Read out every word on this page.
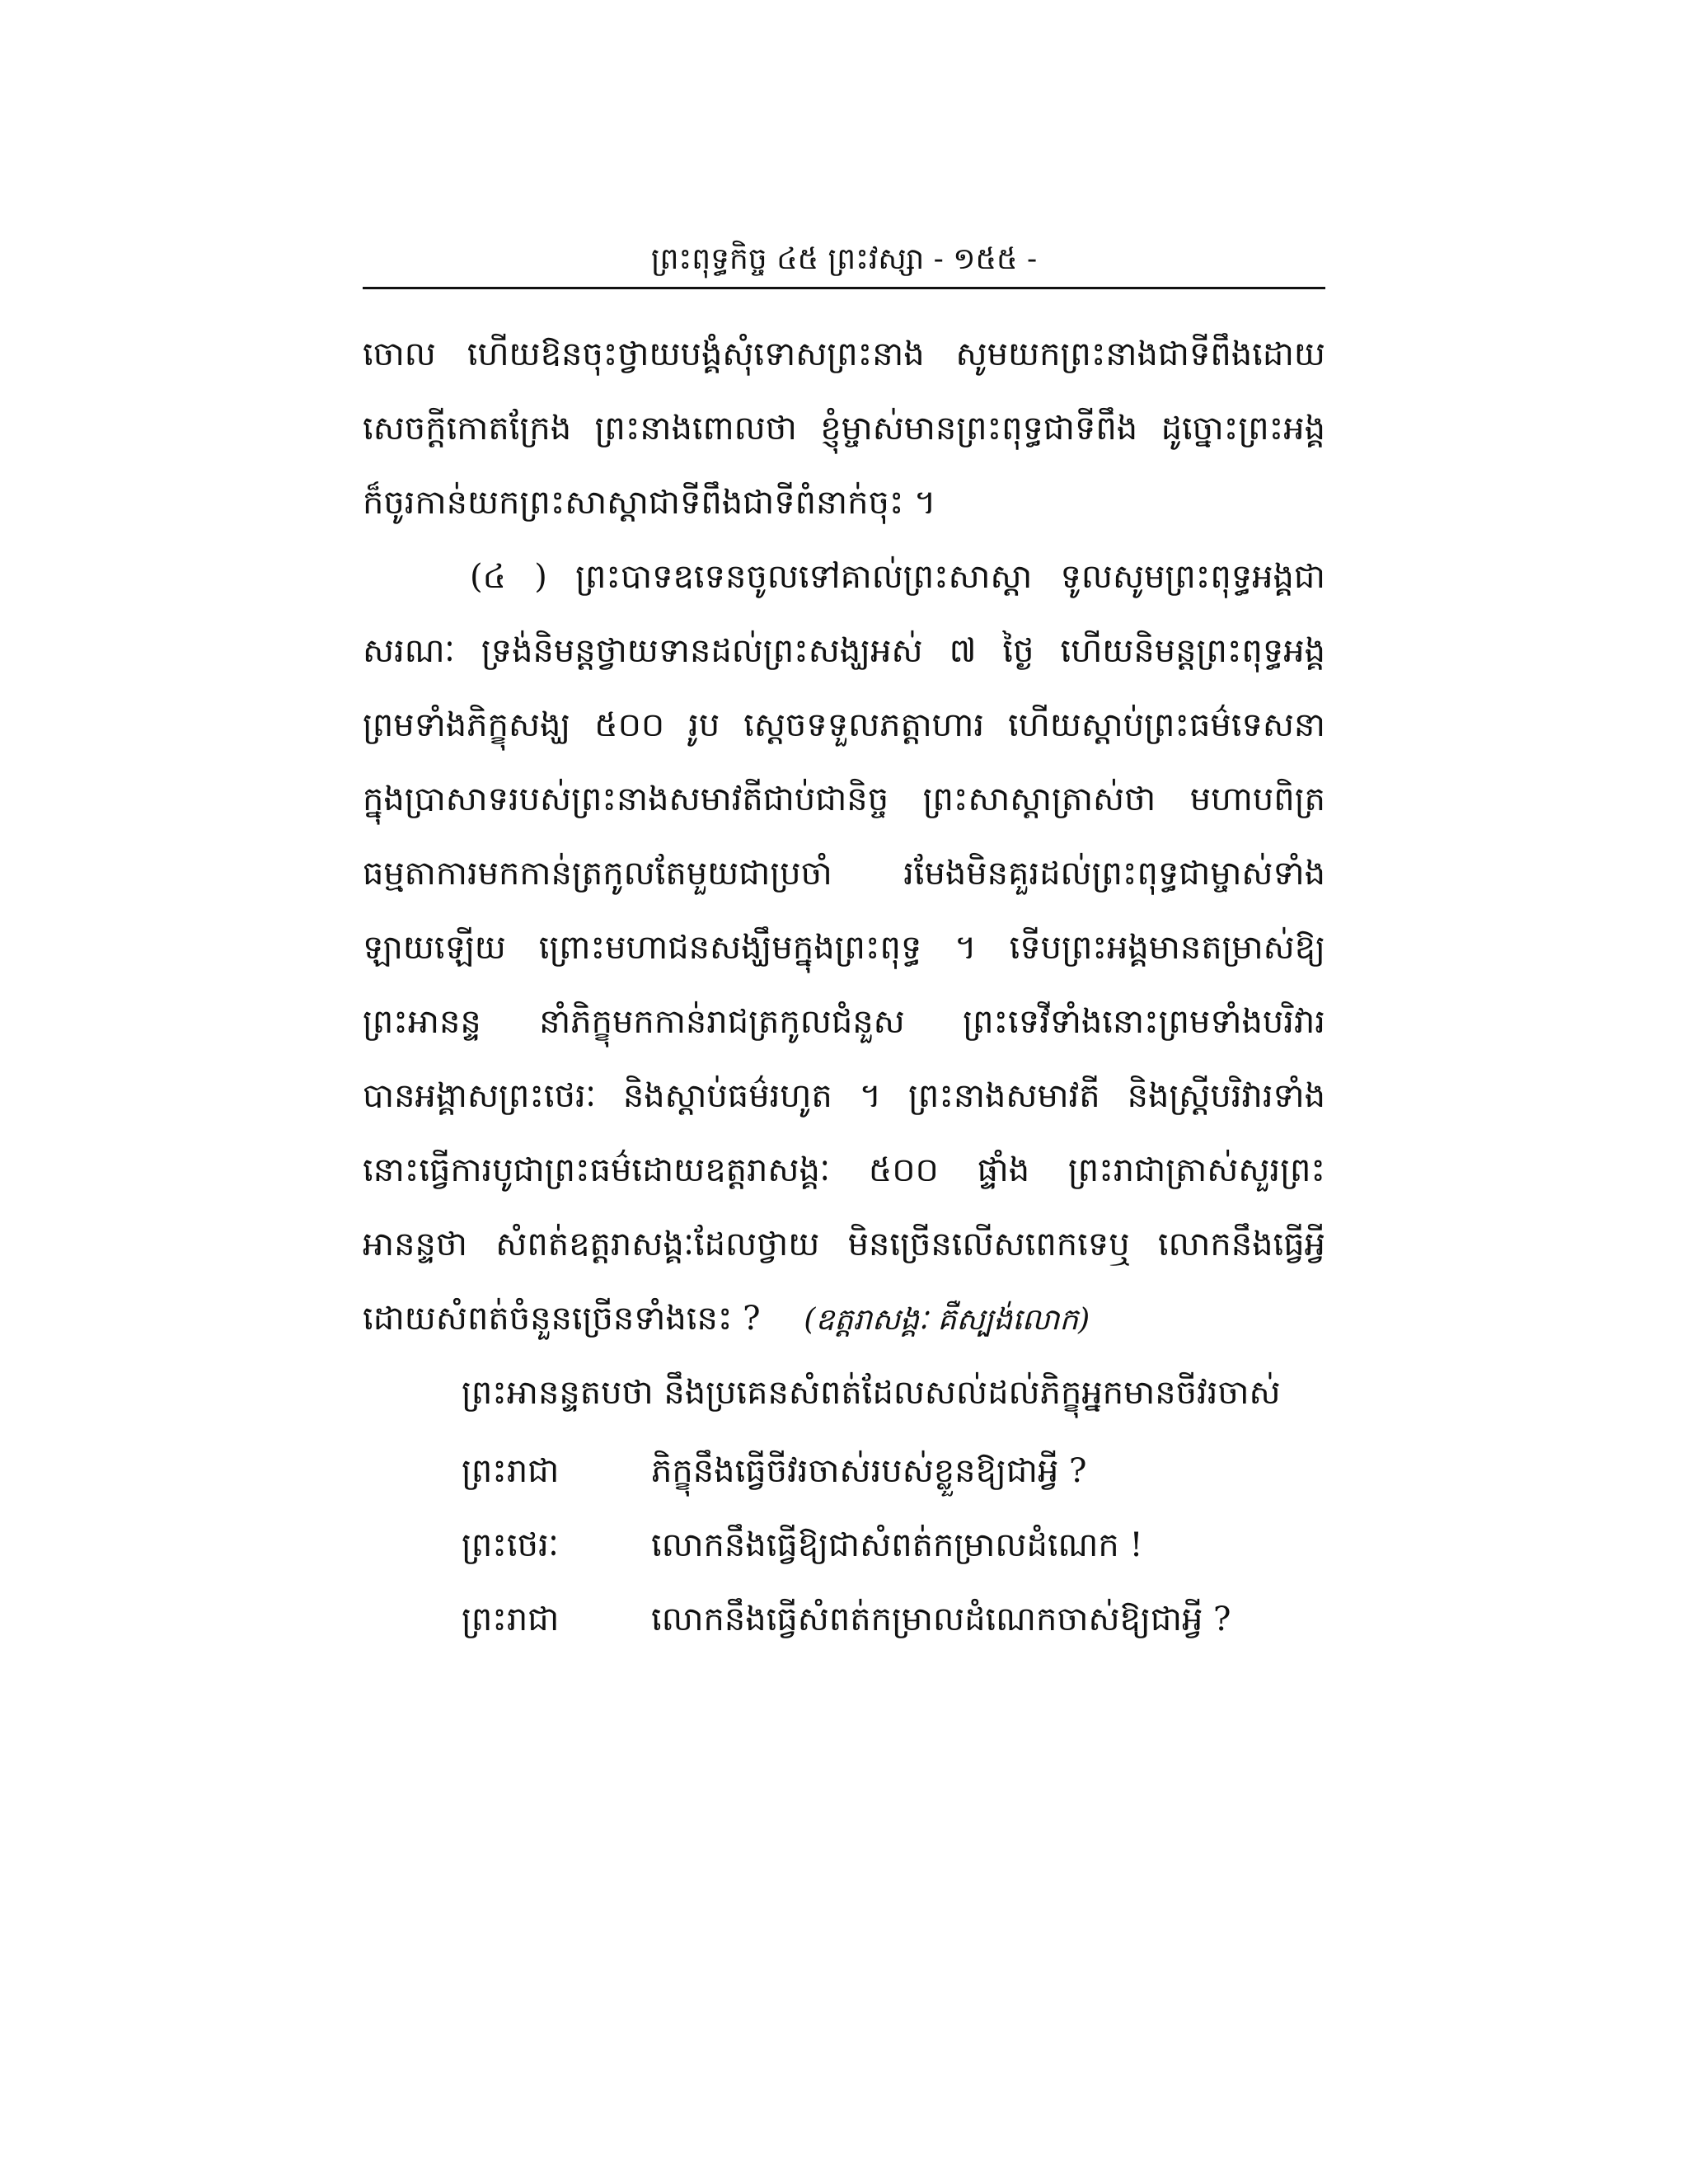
ព្រះពុទ្ធកិច្ច ៤៥ ព្រះវស្សា - ១៥៥ -
ចោល ហើយឱនចុះថ្វាយបង្គំសុំទោសព្រះនាង សូមយកព្រះនាងជាទីពឹងដោយ
សេចក្ដីកោតក្រែង ព្រះនាងពោលថា ខ្ញុំម្ចាស់មានព្រះពុទ្ធជាទីពឹង ដូច្នោះព្រះអង្គ
ក៏ចូរកាន់យកព្រះសាស្ដាជាទីពឹងជាទីពំនាក់ចុះ ។
(៤ ) ព្រះបាទឧទេនចូលទៅគាល់ព្រះសាស្ដា ទូលសូមព្រះពុទ្ធអង្គជា
សរណៈ ទ្រង់និមន្តថ្វាយទានដល់ព្រះសង្ឃអស់ ៧ ថ្ងៃ ហើយនិមន្តព្រះពុទ្ធអង្គ
ព្រមទាំងភិក្ខុសង្ឃ ៥០០ រូប ស្ដេចទទួលភត្តាហារ ហើយស្ដាប់ព្រះធម៌ទេសនា
ក្នុងប្រាសាទរបស់ព្រះនាងសមាវតីជាប់ជានិច្ច ព្រះសាស្ដាត្រាស់ថា មហាបពិត្រ
ធម្មតាការមកកាន់ត្រកូលតែមួយជាប្រចាំ រមែងមិនគួរដល់ព្រះពុទ្ធជាម្ចាស់ទាំង
ឡាយឡើយ ព្រោះមហាជនសង្ឃឹមក្នុងព្រះពុទ្ធ ។ ទើបព្រះអង្គមានតម្រាស់ឱ្យ
ព្រះអានន្ទ នាំភិក្ខុមកកាន់រាជត្រកូលជំនួស ព្រះទេវីទាំងនោះព្រមទាំងបរិវារ
បានអង្គាសព្រះថេរៈ និងស្ដាប់ធម៌រហូត ។ ព្រះនាងសមាវតី និងស្ត្រីបរិវារទាំង
នោះធ្វើការបូជាព្រះធម៌ដោយឧត្តរាសង្គៈ ៥០០ ផ្ទាំង ព្រះរាជាត្រាស់សួរព្រះ
អានន្ទថា សំពត់ឧត្តរាសង្គៈដែលថ្វាយ មិនច្រើនលើសពេកទេឬ លោកនឹងធ្វើអ្វី
ដោយសំពត់ចំនួនច្រើនទាំងនេះ ? (ឧត្តរាសង្គៈ គឺស្បង់លោក)
ព្រះអានន្ទតបថា នឹងប្រគេនសំពត់ដែលសល់ដល់ភិក្ខុអ្នកមានចីវរចាស់
ព្រះរាជា	ភិក្ខុនឹងធ្វើចីវរចាស់របស់ខ្លួនឱ្យជាអ្វី ?
ព្រះថេរៈ	លោកនឹងធ្វើឱ្យជាសំពត់កម្រាលដំណេក !
ព្រះរាជា	លោកនឹងធ្វើសំពត់កម្រាលដំណេកចាស់ឱ្យជាអ្វី ?
